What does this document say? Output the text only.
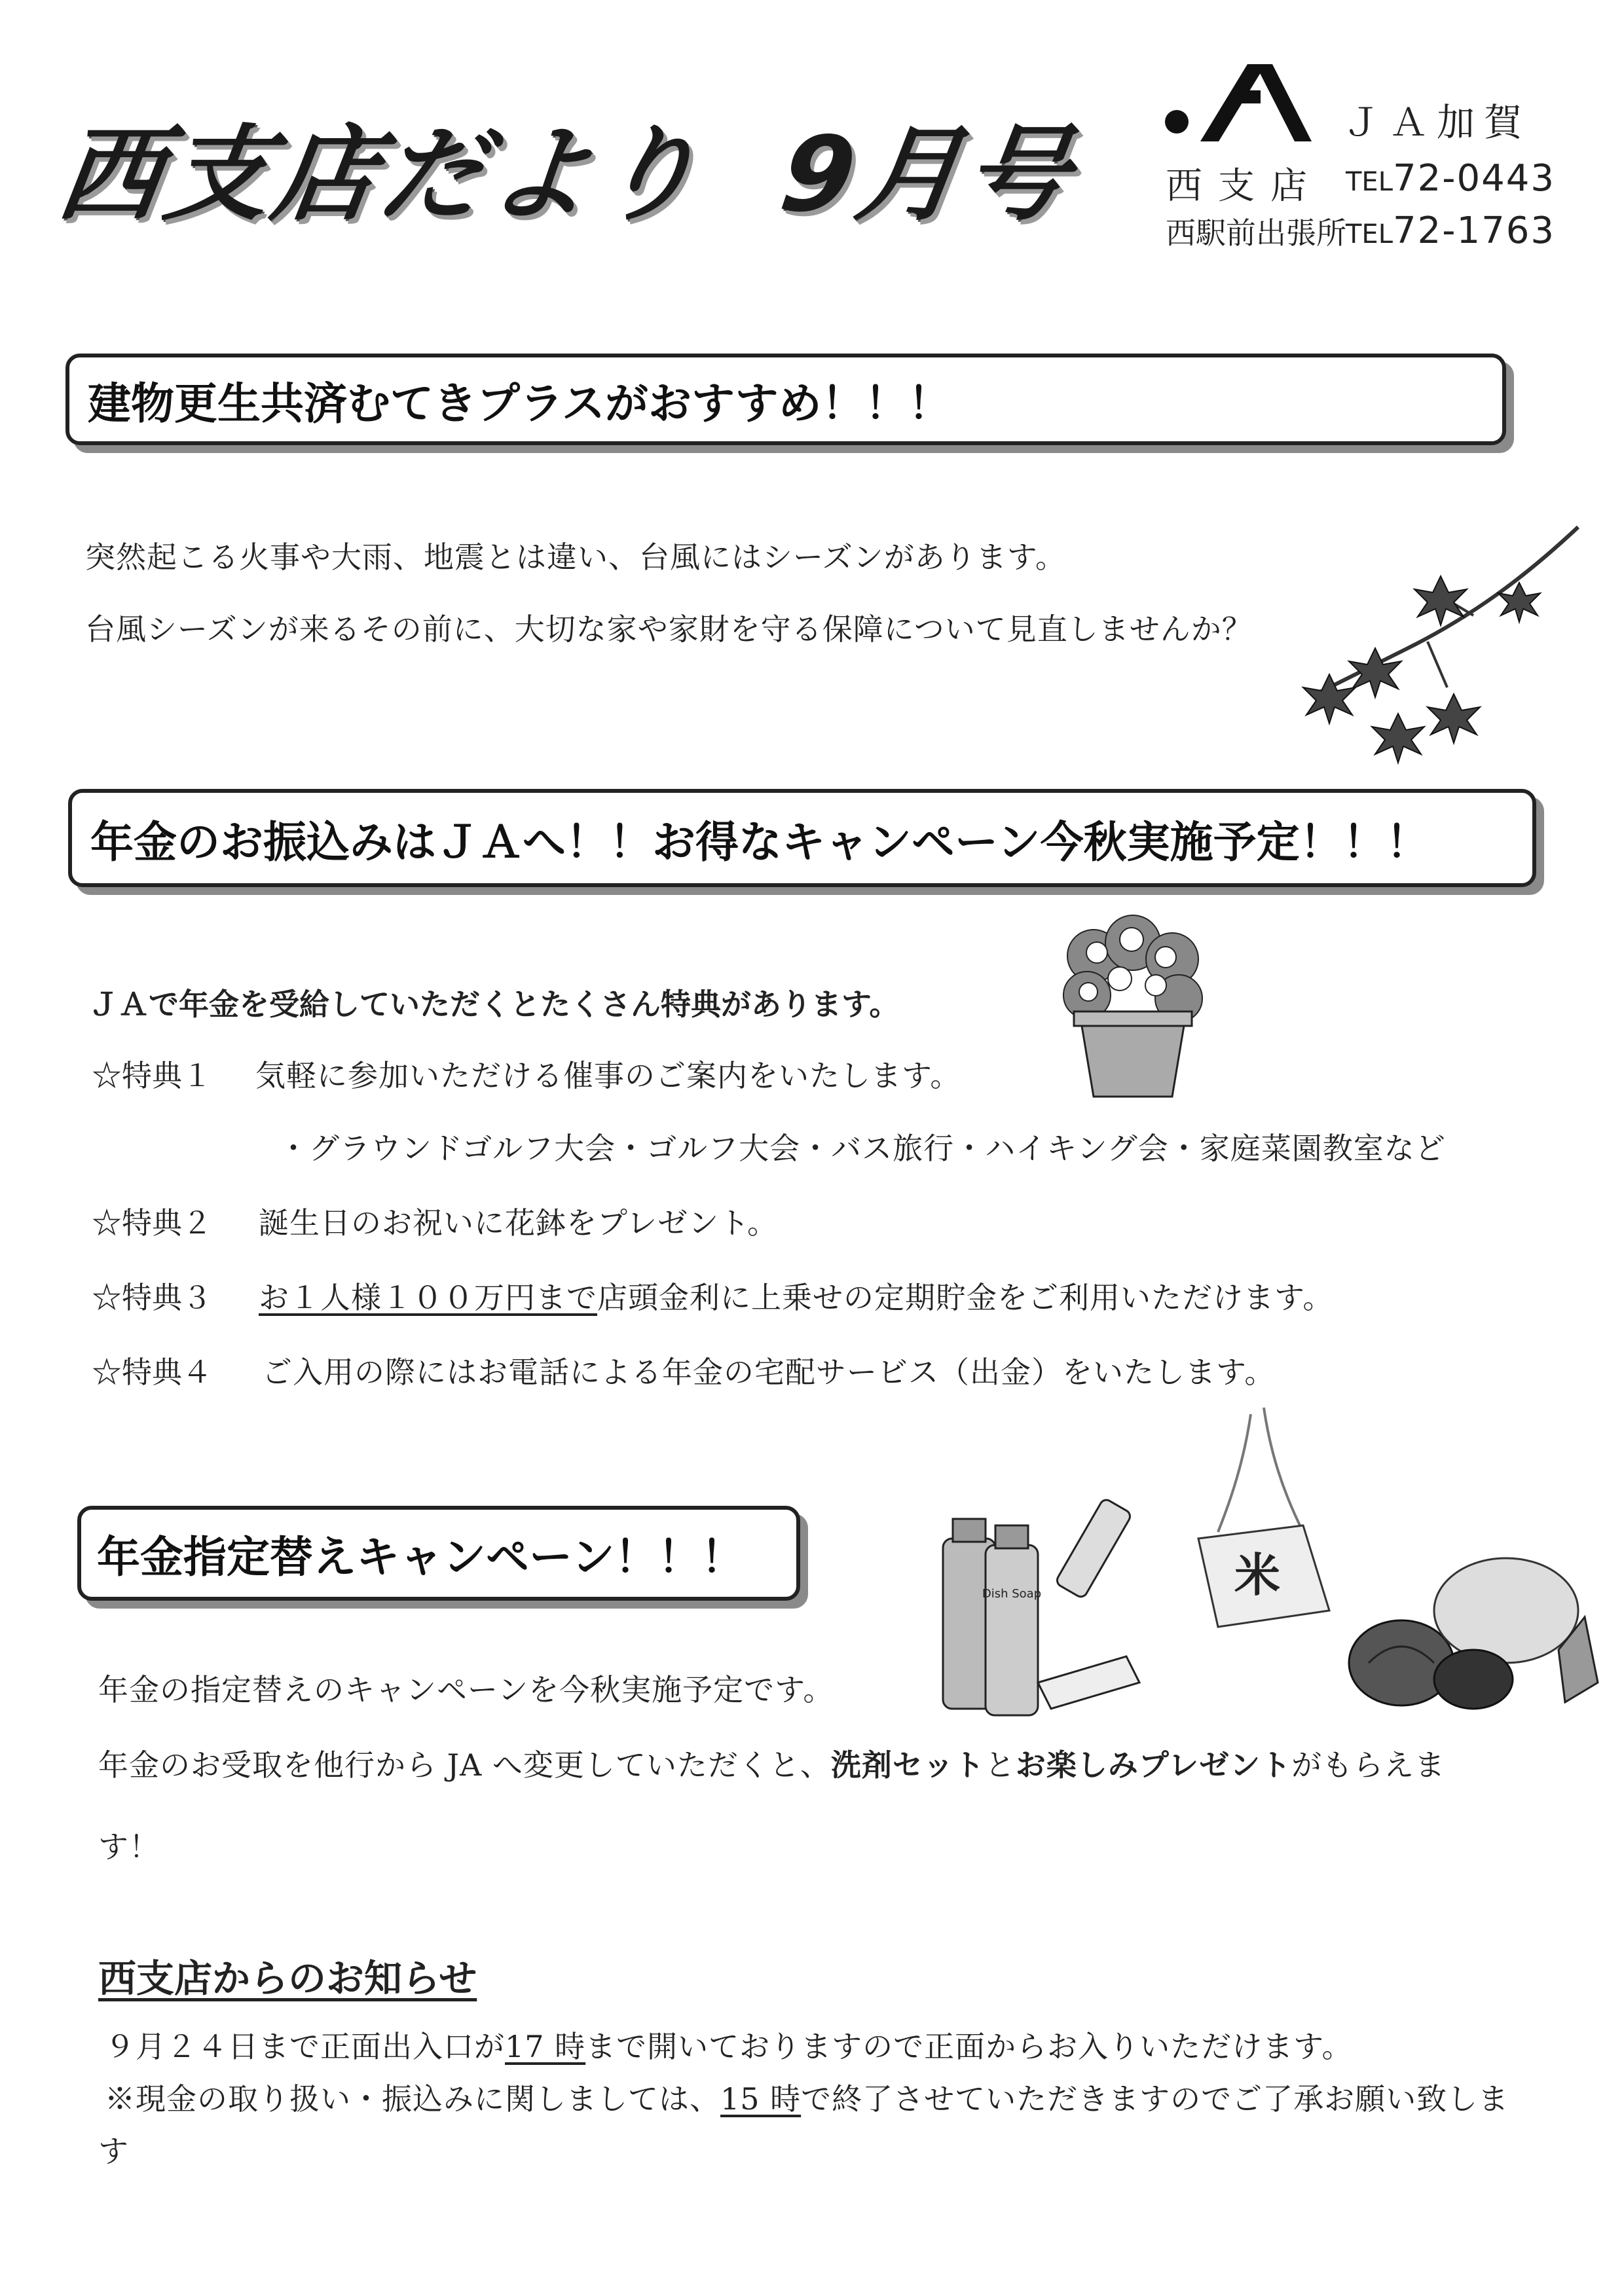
西支店だより 9月号	ＪＡ加賀
西支店 TEL72-0443
西駅前出張所 TEL72-1763
建物更生共済むてきプラスがおすすめ！！！
突然起こる火事や大雨、地震とは違い、台風にはシーズンがあります。
台風シーズンが来るその前に、大切な家や家財を守る保障について見直しませんか？
年金のお振込みはＪＡへ！！お得なキャンペーン今秋実施予定！！！
ＪＡで年金を受給していただくとたくさん特典があります。
☆特典１ 気軽に参加いただける催事のご案内をいたします。
・グラウンドゴルフ大会・ゴルフ大会・バス旅行・ハイキング会・家庭菜園教室など
☆特典２ 誕生日のお祝いに花鉢をプレゼント。
☆特典３ お１人様１００万円まで店頭金利に上乗せの定期貯金をご利用いただけます。
☆特典４ ご入用の際にはお電話による年金の宅配サービス（出金）をいたします。
年金指定替えキャンペーン！！！
Dish Soap	米
年金の指定替えのキャンペーンを今秋実施予定です。
年金のお受取を他行から JA へ変更していただくと、洗剤セットとお楽しみプレゼントがもらえま
す！
西支店からのお知らせ
９月２４日まで正面出入口が17 時まで開いておりますので正面からお入りいただけます。
※現金の取り扱い・振込みに関しましては、15 時で終了させていただきますのでご了承お願い致しま
す
